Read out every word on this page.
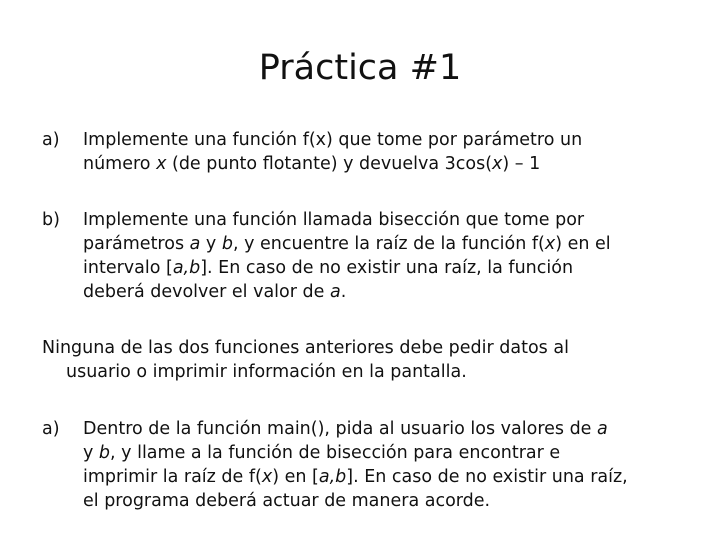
Práctica #1
a)	Implemente una función f(x) que tome por parámetro un
número x (de punto flotante) y devuelva 3cos(x) – 1
b)	Implemente una función llamada bisección que tome por
parámetros a y b, y encuentre la raíz de la función f(x) en el
intervalo [a,b]. En caso de no existir una raíz, la función
deberá devolver el valor de a.
Ninguna de las dos funciones anteriores debe pedir datos al
usuario o imprimir información en la pantalla.
a)	Dentro de la función main(), pida al usuario los valores de a
y b, y llame a la función de bisección para encontrar e
imprimir la raíz de f(x) en [a,b]. En caso de no existir una raíz,
el programa deberá actuar de manera acorde.
